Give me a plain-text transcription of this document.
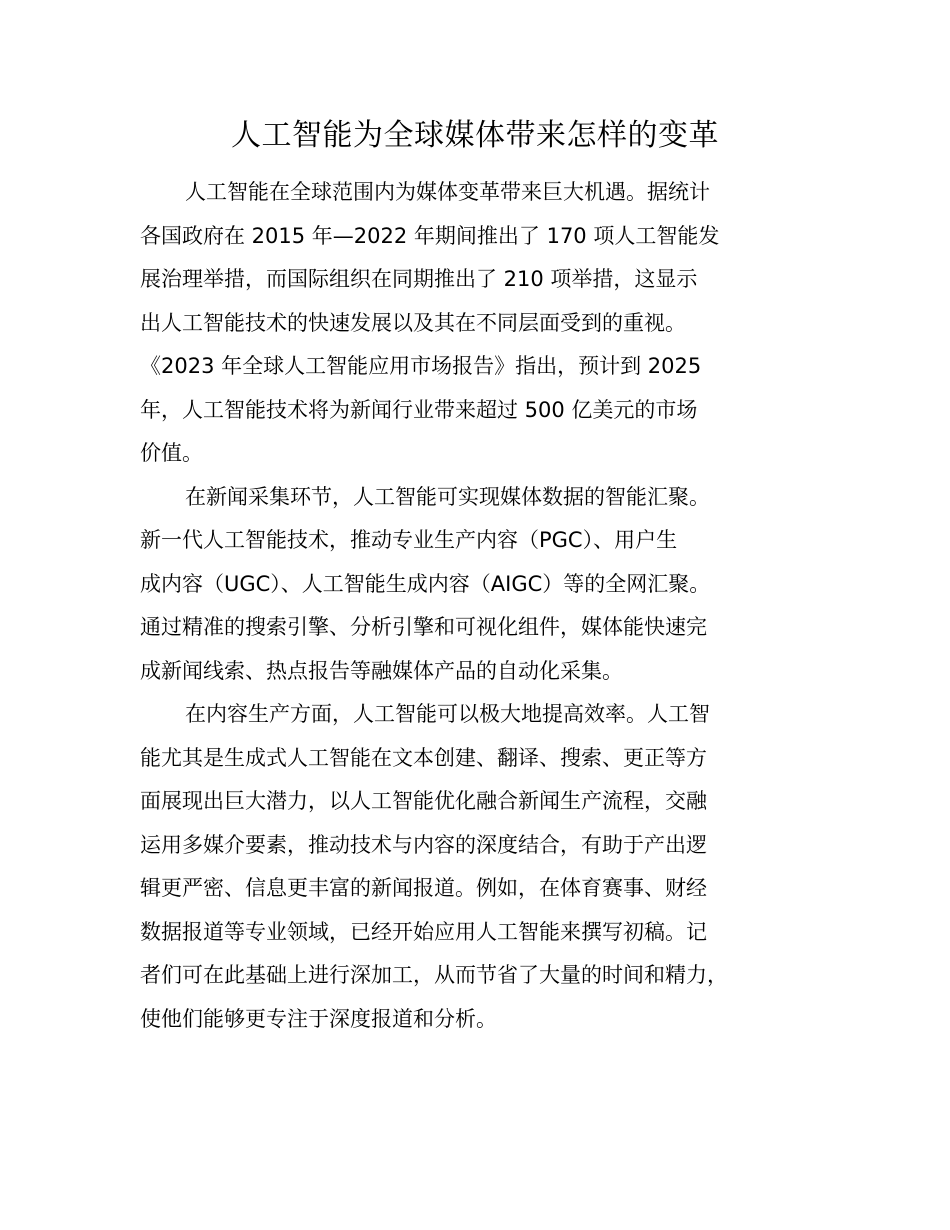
人工智能为全球媒体带来怎样的变革
人工智能在全球范围内为媒体变革带来巨大机遇。据统计
各国政府在 2015 年—2022 年期间推出了 170 项人工智能发
展治理举措，而国际组织在同期推出了 210 项举措，这显示
出人工智能技术的快速发展以及其在不同层面受到的重视。
《2023 年全球人工智能应用市场报告》指出，预计到 2025
年，人工智能技术将为新闻行业带来超过 500 亿美元的市场
价值。
在新闻采集环节，人工智能可实现媒体数据的智能汇聚。
新一代人工智能技术，推动专业生产内容（PGC）、用户生
成内容（UGC）、人工智能生成内容（AIGC）等的全网汇聚。
通过精准的搜索引擎、分析引擎和可视化组件，媒体能快速完
成新闻线索、热点报告等融媒体产品的自动化采集。
在内容生产方面，人工智能可以极大地提高效率。人工智
能尤其是生成式人工智能在文本创建、翻译、搜索、更正等方
面展现出巨大潜力，以人工智能优化融合新闻生产流程，交融
运用多媒介要素，推动技术与内容的深度结合，有助于产出逻
辑更严密、信息更丰富的新闻报道。例如，在体育赛事、财经
数据报道等专业领域，已经开始应用人工智能来撰写初稿。记
者们可在此基础上进行深加工，从而节省了大量的时间和精力，
使他们能够更专注于深度报道和分析。
